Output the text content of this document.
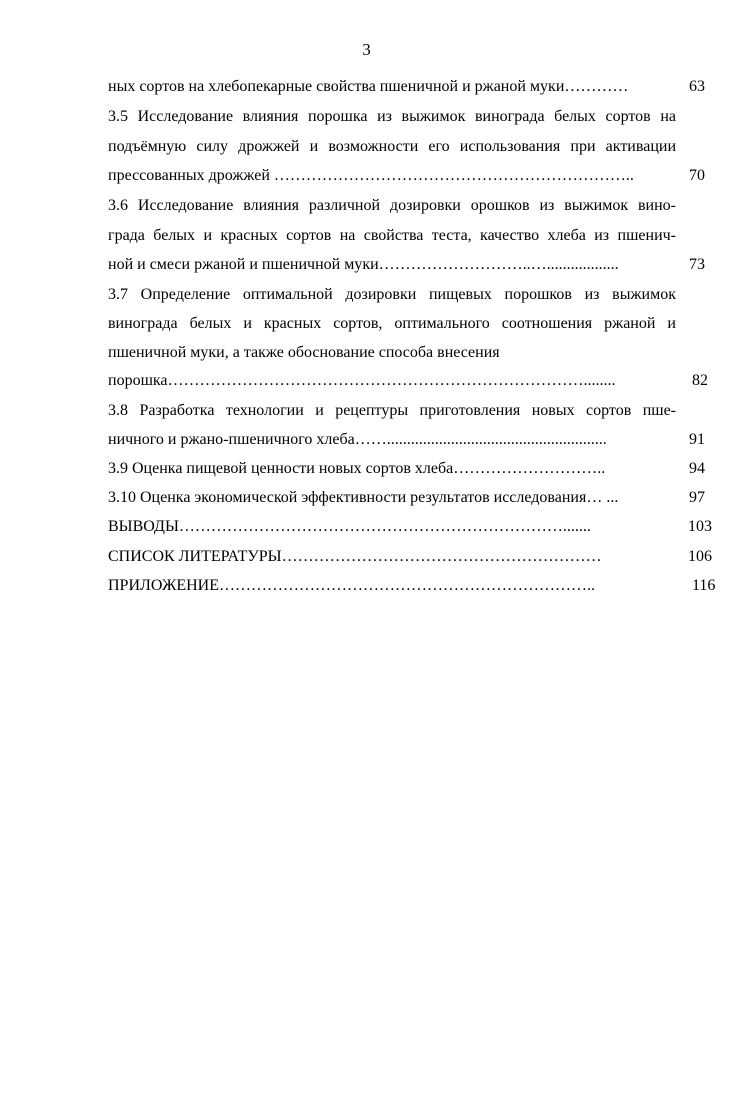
3
ных сортов на хлебопекарные свойства пшеничной и ржаной муки…………	63
3.5 Исследование влияния порошка из выжимок винограда белых сортов на
подъёмную силу дрожжей и возможности его использования при активации
прессованных дрожжей …………………………………………………………..	70
3.6 Исследование влияния различной дозировки орошков из выжимок вино-
града белых и красных сортов на свойства теста, качество хлеба из пшенич-
ной и смеси ржаной и пшеничной муки………………………..…..................	73
3.7 Определение оптимальной дозировки пищевых порошков из выжимок
винограда белых и красных сортов, оптимального соотношения ржаной и
пшеничной муки, а также обоснование способа внесения
порошка……………………………………………………………………........	82
3.8 Разработка технологии и рецептуры приготовления новых сортов пше-
ничного и ржано-пшеничного хлеба…….......................................................	91
3.9 Оценка пищевой ценности новых сортов хлеба………………………..	94
3.10 Оценка экономической эффективности результатов исследования… ...	97
ВЫВОДЫ……………………………………………………………….......	103
СПИСОК ЛИТЕРАТУРЫ……………………………………………………	106
ПРИЛОЖЕНИЕ……………………………………………………………..	116
